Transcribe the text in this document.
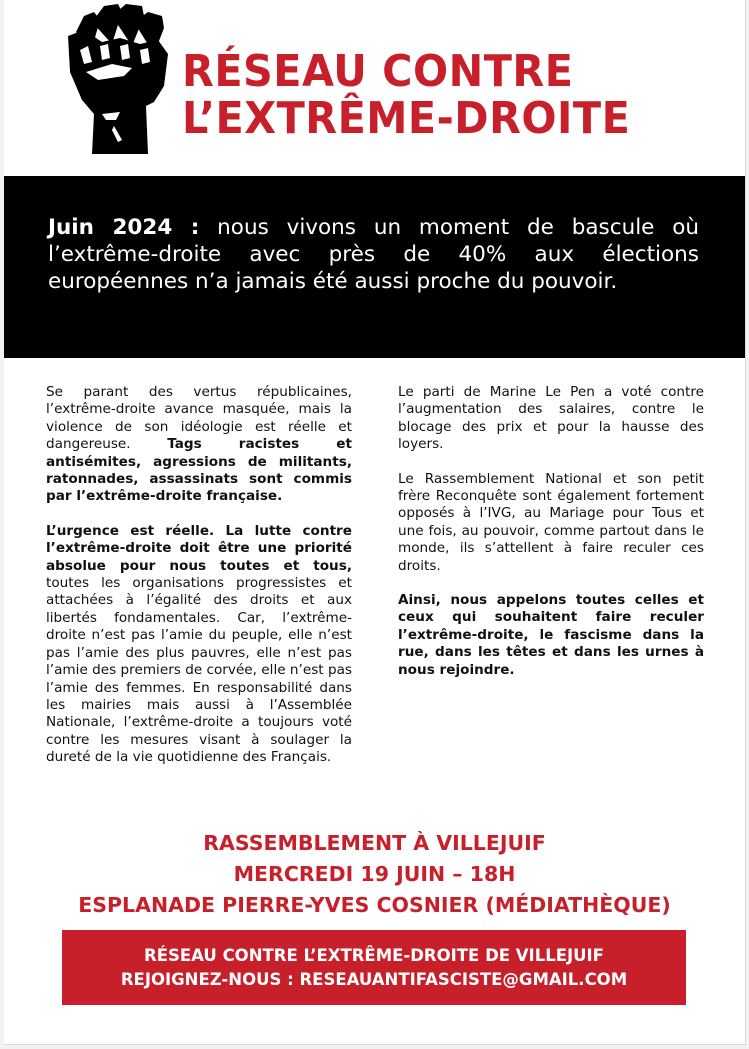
RÉSEAU CONTRE
L’EXTRÊME-DROITE

Juin 2024 : nous vivons un moment de bascule où l’extrême-droite avec près de 40% aux élections européennes n’a jamais été aussi proche du pouvoir.

Se parant des vertus républicaines, l’extrême-droite avance masquée, mais la violence de son idéologie est réelle et dangereuse. Tags racistes et antisémites, agressions de militants, ratonnades, assassinats sont commis par l’extrême-droite française.

L’urgence est réelle. La lutte contre l’extrême-droite doit être une priorité absolue pour nous toutes et tous, toutes les organisations progressistes et attachées à l’égalité des droits et aux libertés fondamentales. Car, l’extrême-droite n’est pas l’amie du peuple, elle n’est pas l’amie des plus pauvres, elle n’est pas l’amie des premiers de corvée, elle n’est pas l’amie des femmes. En responsabilité dans les mairies mais aussi à l’Assemblée Nationale, l’extrême-droite a toujours voté contre les mesures visant à soulager la dureté de la vie quotidienne des Français.

Le parti de Marine Le Pen a voté contre l’augmentation des salaires, contre le blocage des prix et pour la hausse des loyers.

Le Rassemblement National et son petit frère Reconquête sont également fortement opposés à l’IVG, au Mariage pour Tous et une fois, au pouvoir, comme partout dans le monde, ils s’attellent à faire reculer ces droits.

Ainsi, nous appelons toutes celles et ceux qui souhaitent faire reculer l’extrême-droite, le fascisme dans la rue, dans les têtes et dans les urnes à nous rejoindre.

RASSEMBLEMENT À VILLEJUIF
MERCREDI 19 JUIN – 18H
ESPLANADE PIERRE-YVES COSNIER (MÉDIATHÈQUE)
RÉSEAU CONTRE L’EXTRÊME-DROITE DE VILLEJUIF
REJOIGNEZ-NOUS : RESEAUANTIFASCISTE@GMAIL.COM
